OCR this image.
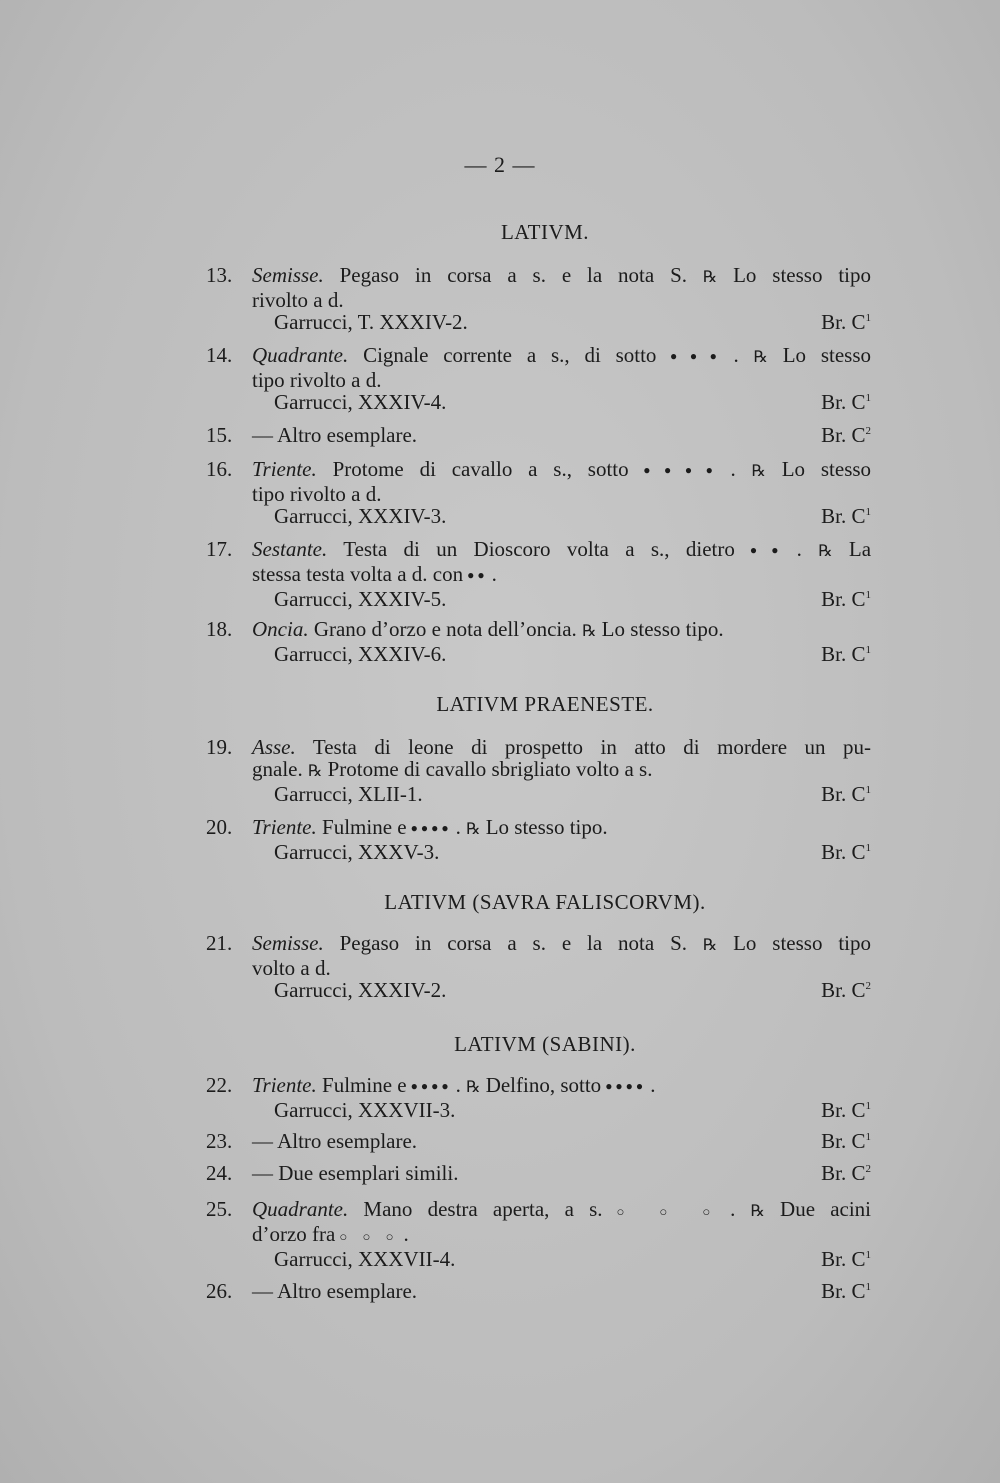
— 2 —
LATIVM.
13. Semisse. Pegaso in corsa a s. e la nota S. ℞ Lo stesso tipo
rivolto a d.
Garrucci, T. XXXIV-2.	Br. $C^1$
14. Quadrante. Cignale corrente a s., di sotto ●●● . ℞ Lo stesso
tipo rivolto a d.
Garrucci, XXXIV-4.	Br. $C^1$
15. — Altro esemplare.	Br. $C^2$
16. Triente. Protome di cavallo a s., sotto ●●●● . ℞ Lo stesso
tipo rivolto a d.
Garrucci, XXXIV-3.	Br. $C^1$
17. Sestante. Testa di un Dioscoro volta a s., dietro ●● . ℞ La
stessa testa volta a d. con ●● .
Garrucci, XXXIV-5.	Br. $C^1$
18. Oncia. Grano d’orzo e nota dell’oncia. ℞ Lo stesso tipo.
Garrucci, XXXIV-6.	Br. $C^1$
LATIVM PRAENESTE.
19. Asse. Testa di leone di prospetto in atto di mordere un pu-
gnale. ℞ Protome di cavallo sbrigliato volto a s.
Garrucci, XLII-1.	Br. $C^1$
20. Triente. Fulmine e ●●●● . ℞ Lo stesso tipo.
Garrucci, XXXV-3.	Br. $C^1$
LATIVM (SAVRA FALISCORVM).
21. Semisse. Pegaso in corsa a s. e la nota S. ℞ Lo stesso tipo
volto a d.
Garrucci, XXXIV-2.	Br. $C^2$
LATIVM (SABINI).
22. Triente. Fulmine e ●●●● . ℞ Delfino, sotto ●●●● .
Garrucci, XXXVII-3.	Br. $C^1$
23. — Altro esemplare.	Br. $C^1$
24. — Due esemplari simili.	Br. $C^2$
25. Quadrante. Mano destra aperta, a s. ○ ○ ○ . ℞ Due acini
d’orzo fra ○ ○ ○ .
Garrucci, XXXVII-4.	Br. $C^1$
26. — Altro esemplare.	Br. $C^1$
